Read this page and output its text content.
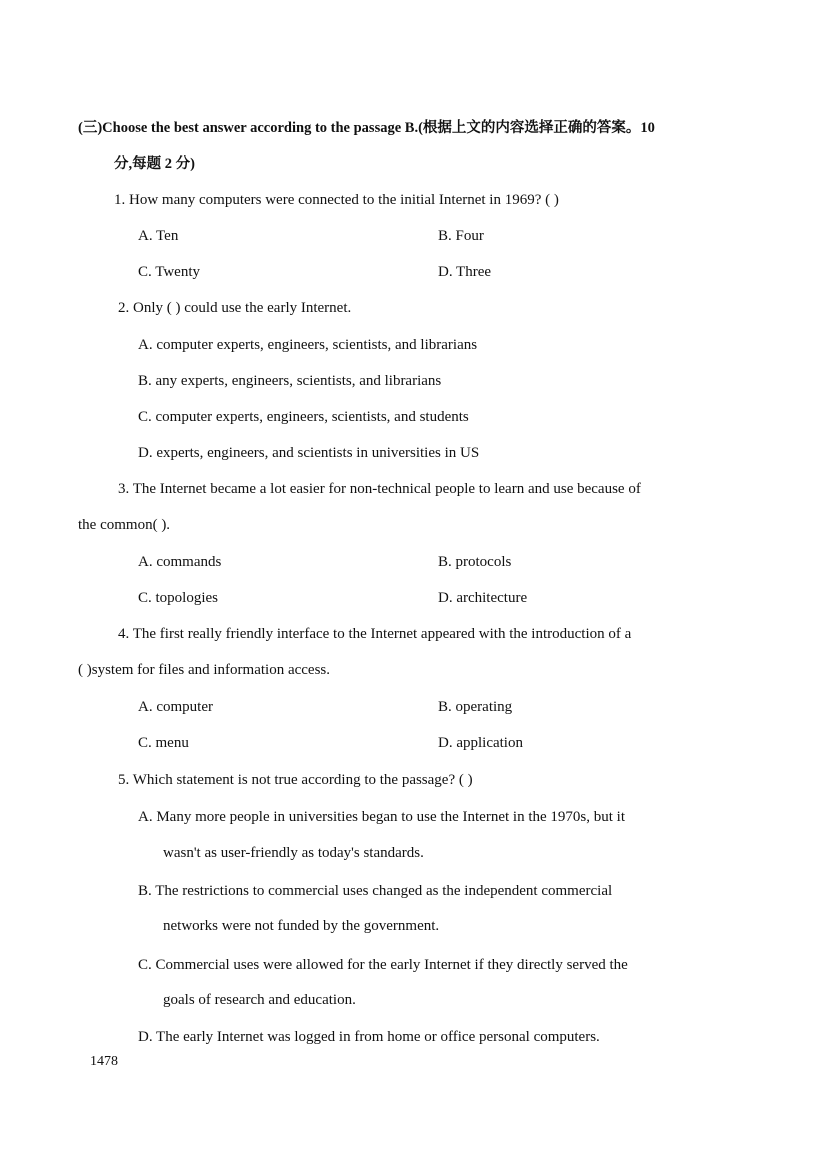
(三)Choose the best answer according to the passage B.(根据上文的内容选择正确的答案。10
分,每题 2 分)
1. How many computers were connected to the initial Internet in 1969? ( )
A. Ten	B. Four
C. Twenty	D. Three
2. Only ( ) could use the early Internet.
A. computer experts, engineers, scientists, and librarians
B. any experts, engineers, scientists, and librarians
C. computer experts, engineers, scientists, and students
D. experts, engineers, and scientists in universities in US
3. The Internet became a lot easier for non-technical people to learn and use because of
the common( ).
A. commands	B. protocols
C. topologies	D. architecture
4. The first really friendly interface to the Internet appeared with the introduction of a
( )system for files and information access.
A. computer	B. operating
C. menu	D. application
5. Which statement is not true according to the passage? ( )
A. Many more people in universities began to use the Internet in the 1970s, but it
wasn't as user-friendly as today's standards.
B. The restrictions to commercial uses changed as the independent commercial
networks were not funded by the government.
C. Commercial uses were allowed for the early Internet if they directly served the
goals of research and education.
D. The early Internet was logged in from home or office personal computers.
1478
